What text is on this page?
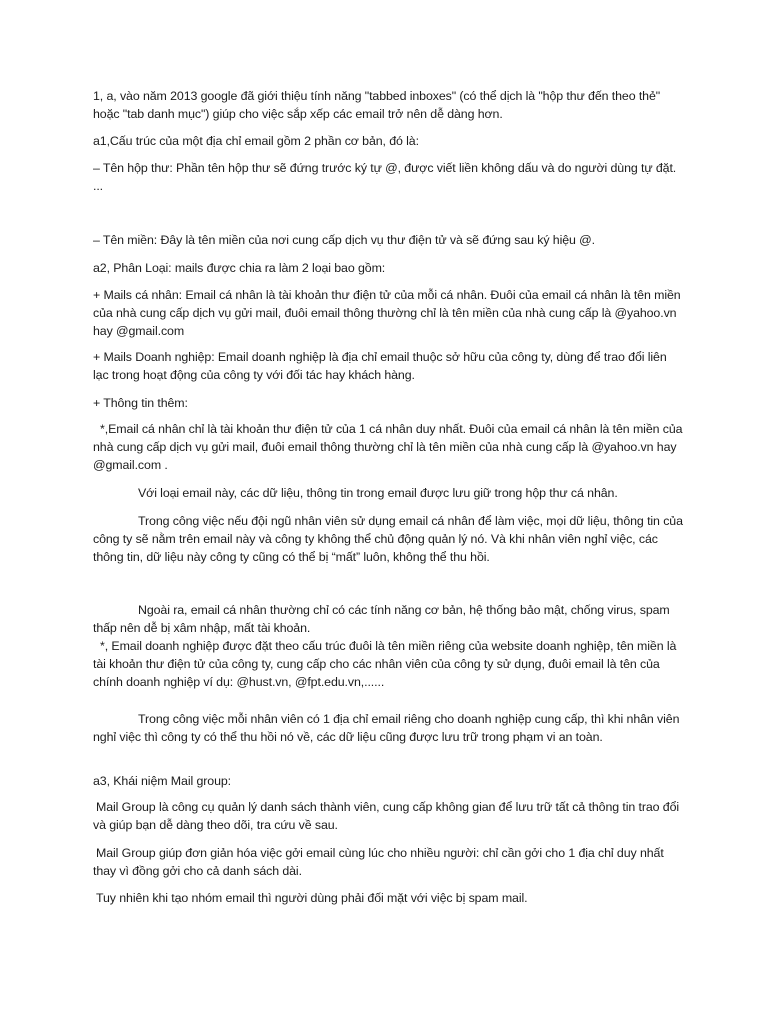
1, a, vào năm 2013 google đã giới thiệu tính năng "tabbed inboxes" (có thể dịch là "hộp thư đến theo thẻ" hoặc "tab danh mục") giúp cho việc sắp xếp các email trở nên dễ dàng hơn.

a1,Cấu trúc của một địa chỉ email gồm 2 phần cơ bản, đó là:

– Tên hộp thư: Phần tên hộp thư sẽ đứng trước ký tự @, được viết liền không dấu và do người dùng tự đặt. ...

– Tên miền: Đây là tên miền của nơi cung cấp dịch vụ thư điện tử và sẽ đứng sau ký hiệu @.

a2, Phân Loại: mails được chia ra làm 2 loại bao gồm:

+ Mails cá nhân: Email cá nhân là tài khoản thư điện tử của mỗi cá nhân. Đuôi của email cá nhân là tên miền của nhà cung cấp dịch vụ gửi mail, đuôi email thông thường chỉ là tên miền của nhà cung cấp là @yahoo.vn hay @gmail.com

+ Mails Doanh nghiệp: Email doanh nghiệp là địa chỉ email thuộc sở hữu của công ty, dùng để trao đổi liên lạc trong hoạt động của công ty với đối tác hay khách hàng.

+ Thông tin thêm:

*,Email cá nhân chỉ là tài khoản thư điện tử của 1 cá nhân duy nhất. Đuôi của email cá nhân là tên miền của nhà cung cấp dịch vụ gửi mail, đuôi email thông thường chỉ là tên miền của nhà cung cấp là @yahoo.vn hay @gmail.com .

Với loại email này, các dữ liệu, thông tin trong email được lưu giữ trong hộp thư cá nhân.

Trong công việc nếu đội ngũ nhân viên sử dụng email cá nhân để làm việc, mọi dữ liệu, thông tin của công ty sẽ nằm trên email này và công ty không thể chủ động quản lý nó. Và khi nhân viên nghỉ việc, các thông tin, dữ liệu này công ty cũng có thể bị “mất” luôn, không thể thu hồi.

Ngoài ra, email cá nhân thường chỉ có các tính năng cơ bản, hệ thống bảo mật, chống virus, spam thấp nên dễ bị xâm nhập, mất tài khoản.

*, Email doanh nghiệp được đặt theo cấu trúc đuôi là tên miền riêng của website doanh nghiệp, tên miền là tài khoản thư điện tử của công ty, cung cấp cho các nhân viên của công ty sử dụng, đuôi email là tên của chính doanh nghiệp ví dụ: @hust.vn, @fpt.edu.vn,......

Trong công việc mỗi nhân viên có 1 địa chỉ email riêng cho doanh nghiệp cung cấp, thì khi nhân viên nghỉ việc thì công ty có thể thu hồi nó về, các dữ liệu cũng được lưu trữ trong phạm vi an toàn.

a3, Khái niệm Mail group:

Mail Group là công cụ quản lý danh sách thành viên, cung cấp không gian để lưu trữ tất cả thông tin trao đổi và giúp bạn dễ dàng theo dõi, tra cứu về sau.

Mail Group giúp đơn giản hóa việc gởi email cùng lúc cho nhiều người: chỉ cần gởi cho 1 địa chỉ duy nhất thay vì đồng gởi cho cả danh sách dài.

Tuy nhiên khi tạo nhóm email thì người dùng phải đối mặt với việc bị spam mail.
